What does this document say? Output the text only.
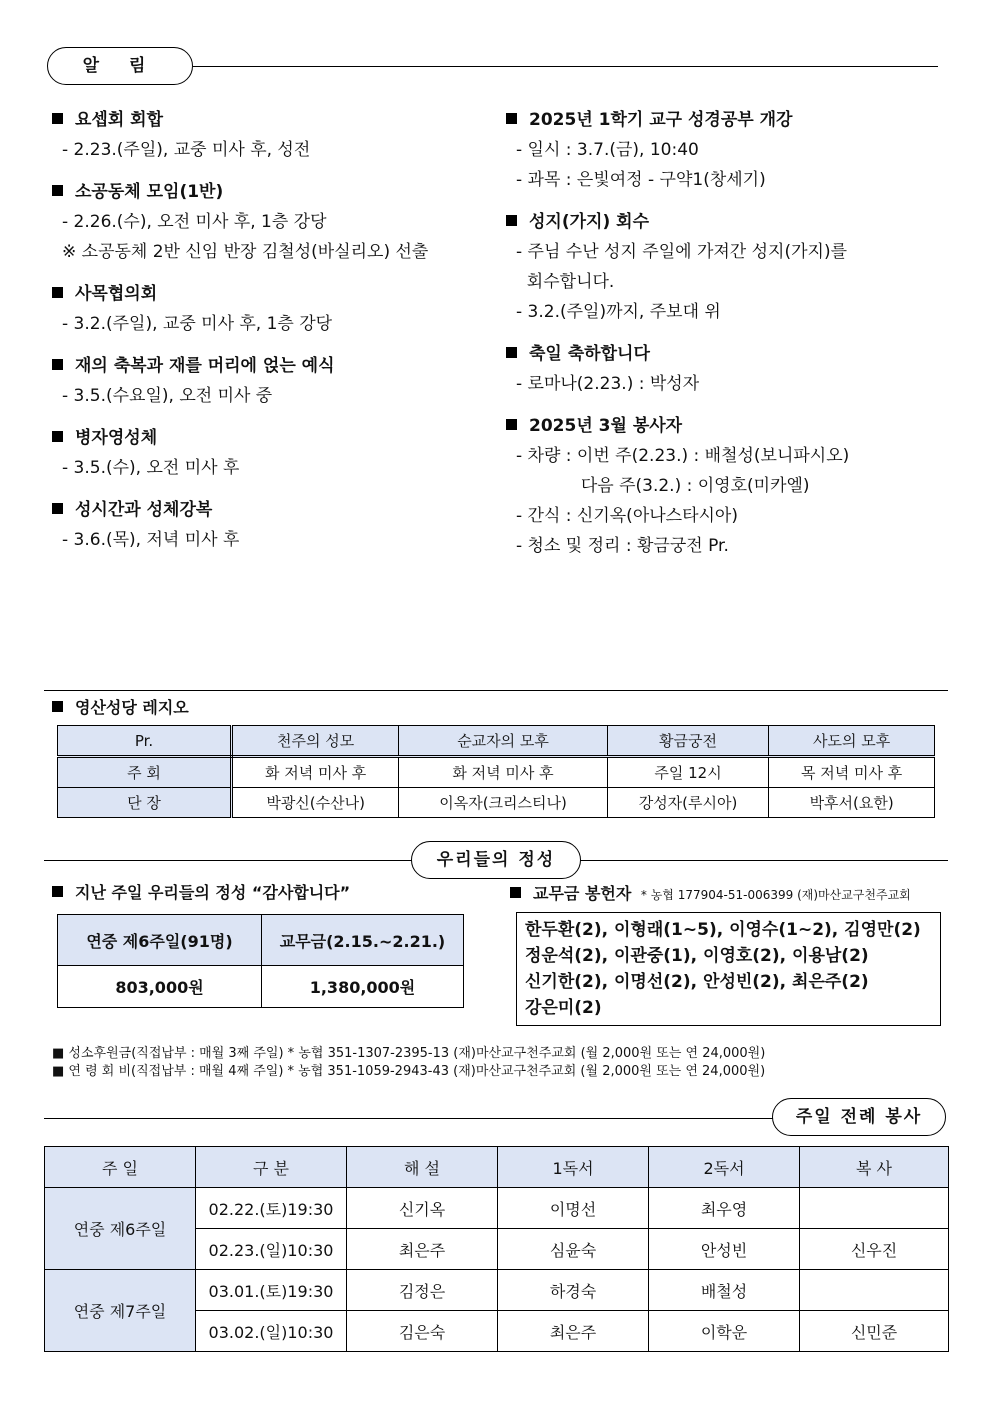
알 림
요셉회 회합
- 2.23.(주일), 교중 미사 후, 성전
소공동체 모임(1반)
- 2.26.(수), 오전 미사 후, 1층 강당
※ 소공동체 2반 신임 반장 김철성(바실리오) 선출
사목협의회
- 3.2.(주일), 교중 미사 후, 1층 강당
재의 축복과 재를 머리에 얹는 예식
- 3.5.(수요일), 오전 미사 중
병자영성체
- 3.5.(수), 오전 미사 후
성시간과 성체강복
- 3.6.(목), 저녁 미사 후
2025년 1학기 교구 성경공부 개강
- 일시 : 3.7.(금), 10:40
- 과목 : 은빛여정 - 구약1(창세기)
성지(가지) 회수
- 주님 수난 성지 주일에 가져간 성지(가지)를
회수합니다.
- 3.2.(주일)까지, 주보대 위
축일 축하합니다
- 로마나(2.23.) : 박성자
2025년 3월 봉사자
- 차량 : 이번 주(2.23.) : 배철성(보니파시오)
다음 주(3.2.) : 이영호(미카엘)
- 간식 : 신기옥(아나스타시아)
- 청소 및 정리 : 황금궁전 Pr.
영산성당 레지오
Pr.	천주의 성모	순교자의 모후	황금궁전	사도의 모후
주 회	화 저녁 미사 후	화 저녁 미사 후	주일 12시	목 저녁 미사 후
단 장	박광신(수산나)	이옥자(크리스티나)	강성자(루시아)	박후서(요한)
우리들의 정성
지난 주일 우리들의 정성 “감사합니다”
연중 제6주일(91명)	교무금(2.15.~2.21.)
803,000원	1,380,000원
교무금 봉헌자 * 농협 177904-51-006399 (재)마산교구천주교회
한두환(2), 이형래(1~5), 이영수(1~2), 김영만(2)
정운석(2), 이관중(1), 이영호(2), 이용남(2)
신기한(2), 이명선(2), 안성빈(2), 최은주(2)
강은미(2)
■ 성소후원금(직접납부 : 매월 3째 주일) * 농협 351-1307-2395-13 (재)마산교구천주교회 (월 2,000원 또는 연 24,000원)
■ 연 령 회 비(직접납부 : 매월 4째 주일) * 농협 351-1059-2943-43 (재)마산교구천주교회 (월 2,000원 또는 연 24,000원)
주일 전례 봉사
주 일	구 분	해 설	1독서	2독서	복 사
연중 제6주일	02.22.(토)19:30	신기옥	이명선	최우영	
	02.23.(일)10:30	최은주	심윤숙	안성빈	신우진
연중 제7주일	03.01.(토)19:30	김정은	하경숙	배철성	
	03.02.(일)10:30	김은숙	최은주	이학운	신민준
